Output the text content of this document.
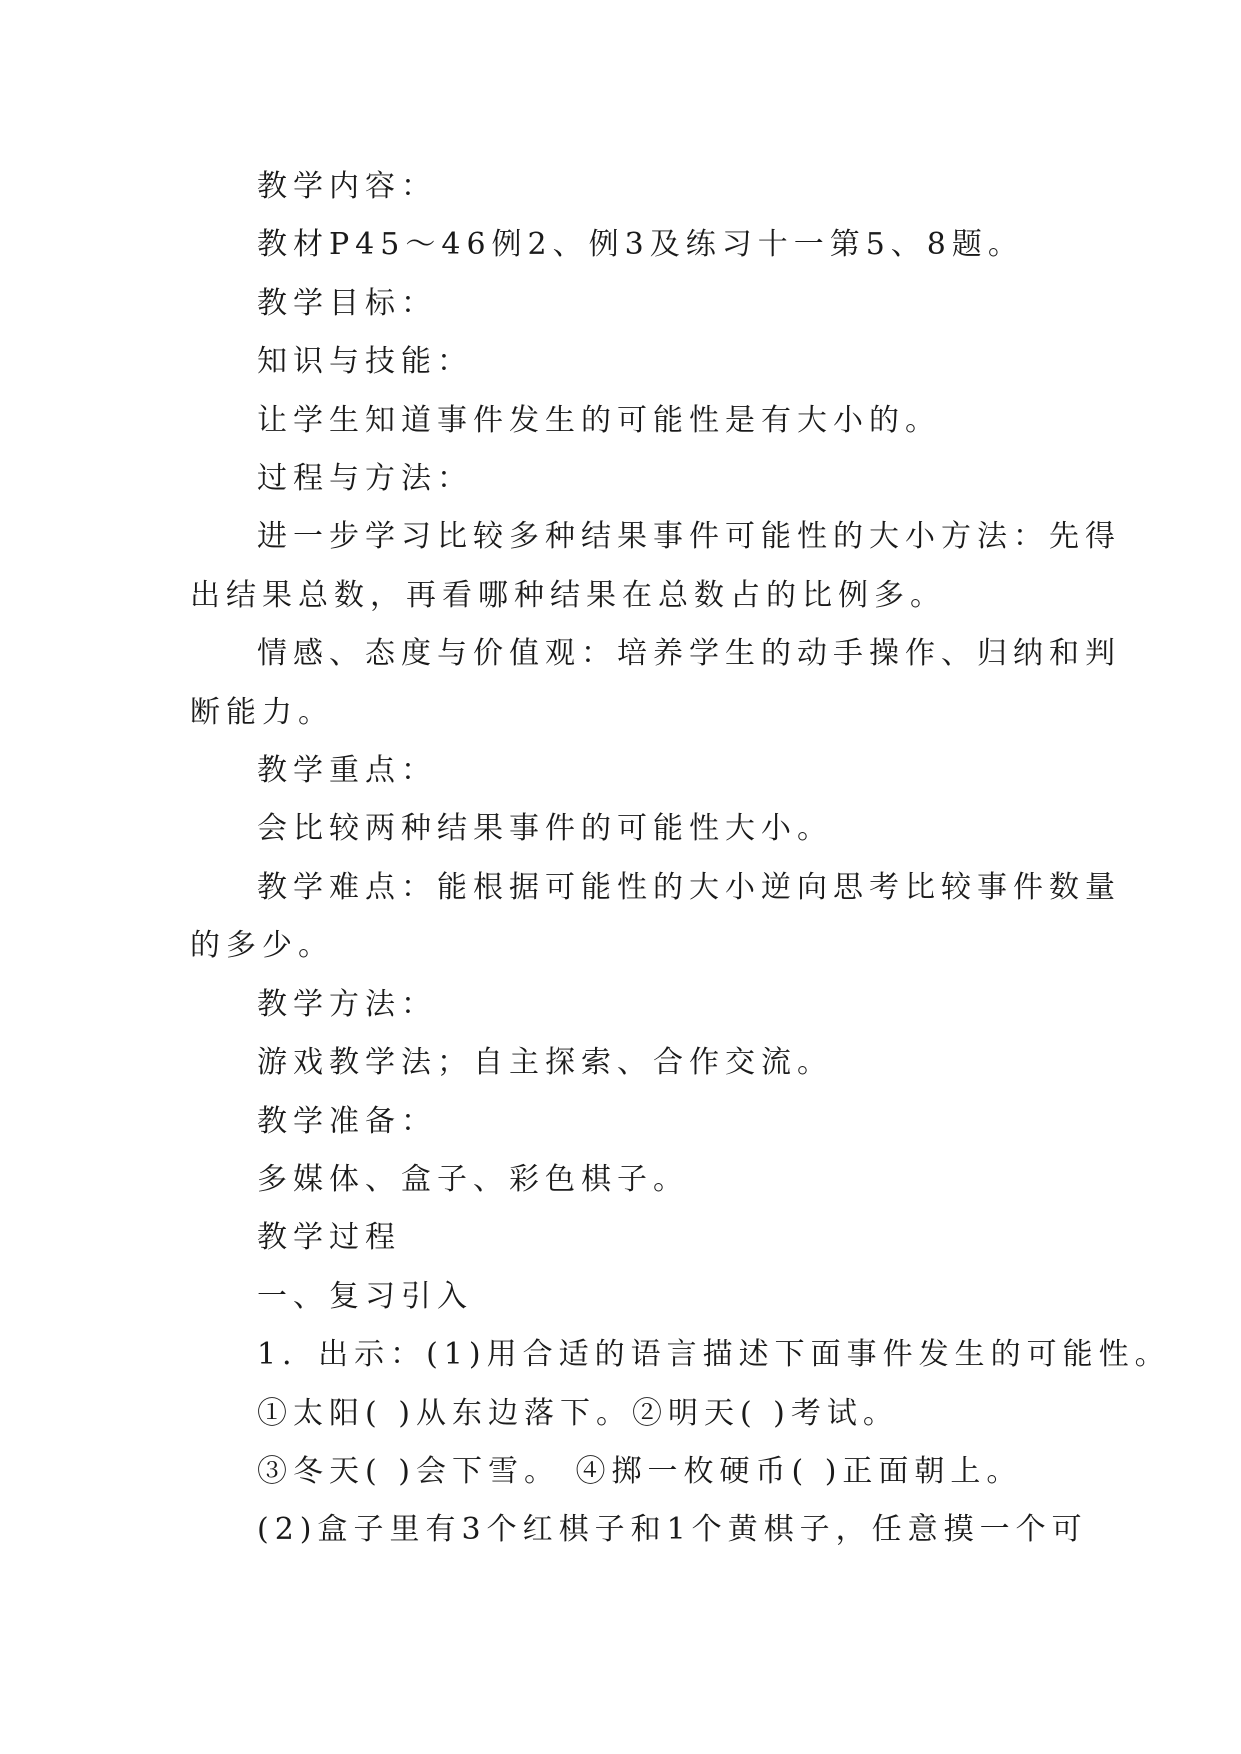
教学内容：

教材P45～46例2、例3及练习十一第5、8题。

教学目标：

知识与技能：

让学生知道事件发生的可能性是有大小的。

过程与方法：

进一步学习比较多种结果事件可能性的大小方法：先得

出结果总数，再看哪种结果在总数占的比例多。

情感、态度与价值观：培养学生的动手操作、归纳和判

断能力。

教学重点：

会比较两种结果事件的可能性大小。

教学难点：能根据可能性的大小逆向思考比较事件数量

的多少。

教学方法：

游戏教学法；自主探索、合作交流。

教学准备：

多媒体、盒子、彩色棋子。

教学过程

一、复习引入

1．出示：(1)用合适的语言描述下面事件发生的可能性。

①太阳( )从东边落下。②明天( )考试。

③冬天( )会下雪。 ④掷一枚硬币( )正面朝上。

(2)盒子里有3个红棋子和1个黄棋子，任意摸一个可
